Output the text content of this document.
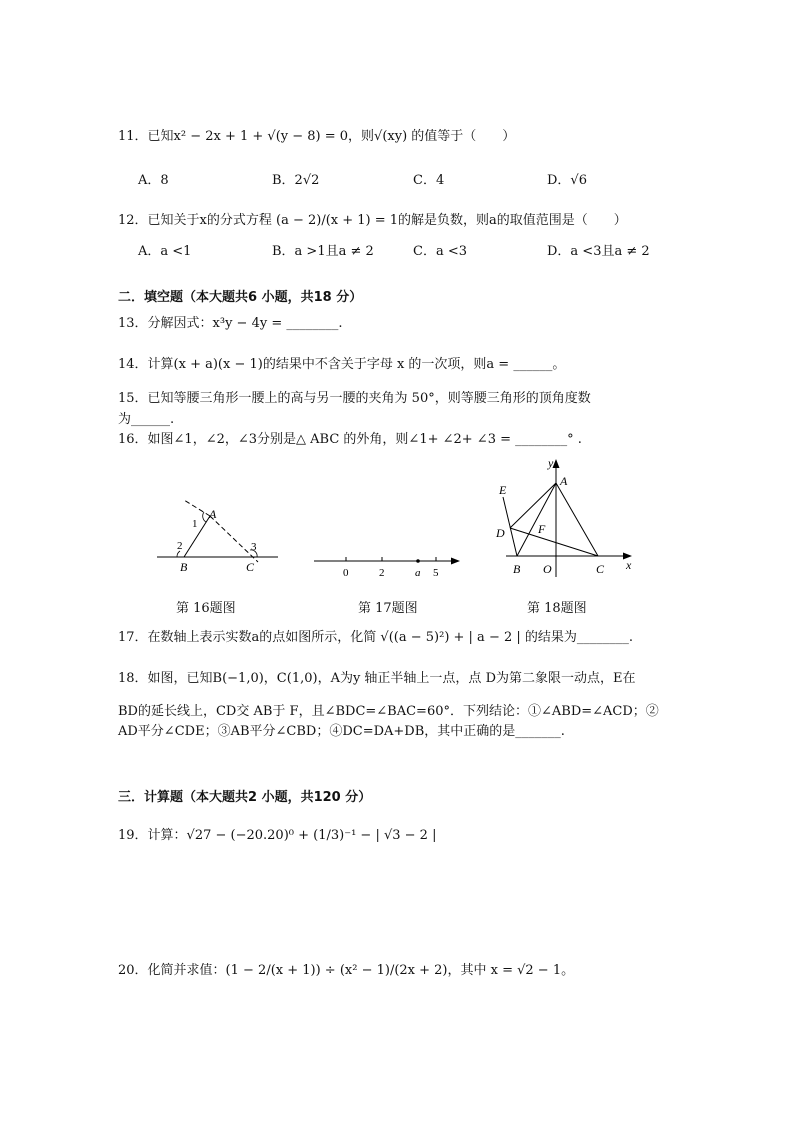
11．已知x² − 2x + 1 + √(y − 8) = 0，则√(xy) 的值等于（　　）
A．8	B．2√2	C．4	D．√6
12．已知关于x的分式方程 (a − 2)/(x + 1) = 1的解是负数，则a的取值范围是（　　）
A．a <1	B．a >1且a ≠ 2	C．a <3	D．a <3且a ≠ 2
二．填空题（本大题共6 小题，共18 分）
13．分解因式：x³y − 4y = ________.
14．计算(x + a)(x − 1)的结果中不含关于字母 x 的一次项，则a = ______。
15．已知等腰三角形一腰上的高与另一腰的夹角为 50°，则等腰三角形的顶角度数
为______.
16．如图∠1，∠2，∠3分别是△ ABC 的外角，则∠1+ ∠2+ ∠3 = ________° .
A
B	C
1
2	3
第 16题图
0	2	a 5
第 17题图
E
A
D	F
B O	C x
y
第 18题图
17．在数轴上表示实数a的点如图所示，化简 √((a − 5)²) + | a − 2 | 的结果为________.
18．如图，已知B(−1,0)，C(1,0)，A为y 轴正半轴上一点，点 D为第二象限一动点，E在
BD的延长线上，CD交 AB于 F，且∠BDC=∠BAC=60°．下列结论：①∠ABD=∠ACD；②
AD平分∠CDE；③AB平分∠CBD；④DC=DA+DB，其中正确的是_______.
三．计算题（本大题共2 小题，共120 分）
19．计算：√27 − (−20.20)⁰ + (1/3)⁻¹ − | √3 − 2 |
20．化简并求值：(1 − 2/(x + 1)) ÷ (x² − 1)/(2x + 2)，其中 x = √2 − 1。
